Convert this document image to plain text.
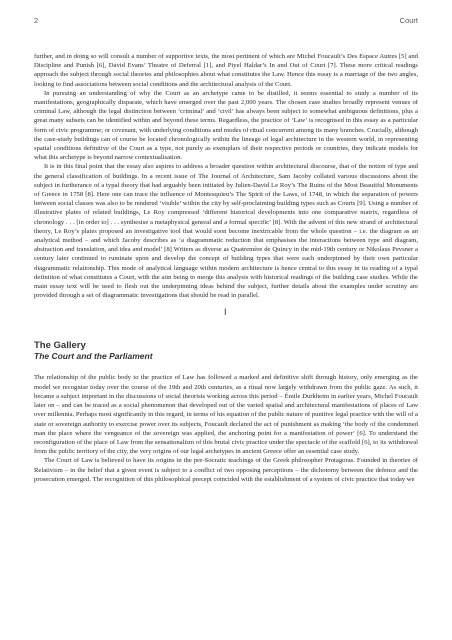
2	Court

further, and in doing so will consult a number of supportive texts, the most pertinent of which are Michel Foucault’s Des Espace Autres [5] and Discipline and Punish [6], David Evans’ Theatre of Deferral [1], and Piyel Haldar’s In and Out of Court [7]. These more critical readings approach the subject through social theories and philosophies about what constitutes the Law. Hence this essay is a marriage of the two angles, looking to find associations between social conditions and the architectural analysis of the Court.

In pursuing an understanding of why the Court as an archetype came to be distilled, it seems essential to study a number of its manifestations, geographically disparate, which have emerged over the past 2,000 years. The chosen case studies broadly represent venues of criminal Law, although the legal distinction between ‘criminal’ and ‘civil’ has always been subject to somewhat ambiguous definitions, plus a great many subsets can be identified within and beyond these terms. Regardless, the practice of ‘Law’ is recognised in this essay as a particular form of civic programme; or covenant, with underlying conditions and modes of ritual concurrent among its many branches. Crucially, although the case-study buildings can of course be located chronologically within the lineage of legal architecture in the western world, in representing spatial conditions definitive of the Court as a type, not purely as exemplars of their respective periods or countries, they indicate models for what this archetype is beyond narrow contextualisation.

It is in this final point that the essay also aspires to address a broader question within architectural discourse, that of the notion of type and the general classification of buildings. In a recent issue of The Journal of Architecture, Sam Jacoby collated various discussions about the subject in furtherance of a typal theory that had arguably been initiated by Julien-David Le Roy’s The Ruins of the Most Beautiful Monuments of Greece in 1758 [8]. Here one can trace the influence of Montesquieu’s The Spirit of the Laws, of 1748, in which the separation of powers between social classes was also to be rendered ‘visible’ within the city by self-proclaiming building types such as Courts [9]. Using a number of illustrative plates of related buildings, Le Roy compressed ‘different historical developments into one comparative matrix, regardless of chronology . . . [in order to] . . . synthesise a metaphysical general and a formal specific’ [8]. With the advent of this new strand of architectural theory, Le Roy’s plates proposed an investigative tool that would soon become inextricable from the whole question – i.e. the diagram as an analytical method – and which Jacoby describes as ‘a diagrammatic reduction that emphasises the interactions between type and diagram, abstraction and translation, and idea and model’ [8] Writers as diverse as Quatremère de Quincy in the mid-19th century or Nikolaus Pevsner a century later continued to ruminate upon and develop the concept of building types that were each underpinned by their own particular diagrammatic relationship. This mode of analytical language within modern architecture is hence central to this essay in its reading of a typal definition of what constitutes a Court, with the aim being to merge this analysis with historical readings of the building case studies. While the main essay text will be used to flesh out the underpinning ideas behind the subject, further details about the examples under scrutiny are provided through a set of diagrammatic investigations that should be read in parallel.

I
The Gallery
The Court and the Parliament

The relationship of the public body to the practice of Law has followed a marked and definitive shift through history, only emerging as the model we recognise today over the course of the 19th and 20th centuries, as a ritual now largely withdrawn from the public gaze. As such, it became a subject important in the discussions of social theorists working across this period – Émile Durkheim in earlier years, Michel Foucault later on – and can be traced as a social phenomenon that developed out of the varied spatial and architectural manifestations of places of Law over millennia. Perhaps most significantly in this regard, in terms of his equation of the public nature of punitive legal practice with the will of a state or sovereign authority to exercise power over its subjects, Foucault declared the act of punishment as making ‘the body of the condemned man the place where the vengeance of the sovereign was applied, the anchoring point for a manifestation of power’ [6]. To understand the reconfiguration of the place of Law from the sensationalism of this brutal civic practice under the spectacle of the scaffold [6], to its withdrawal from the public territory of the city, the very origins of our legal archetypes in ancient Greece offer an essential case study.

The Court of Law is believed to have its origins in the pre-Socratic teachings of the Greek philosopher Protagoras. Founded in theories of Relativism – in the belief that a given event is subject to a conflict of two opposing perceptions – the dichotomy between the defence and the prosecution emerged. The recognition of this philosophical precept coincided with the establishment of a system of civic practice that today we
